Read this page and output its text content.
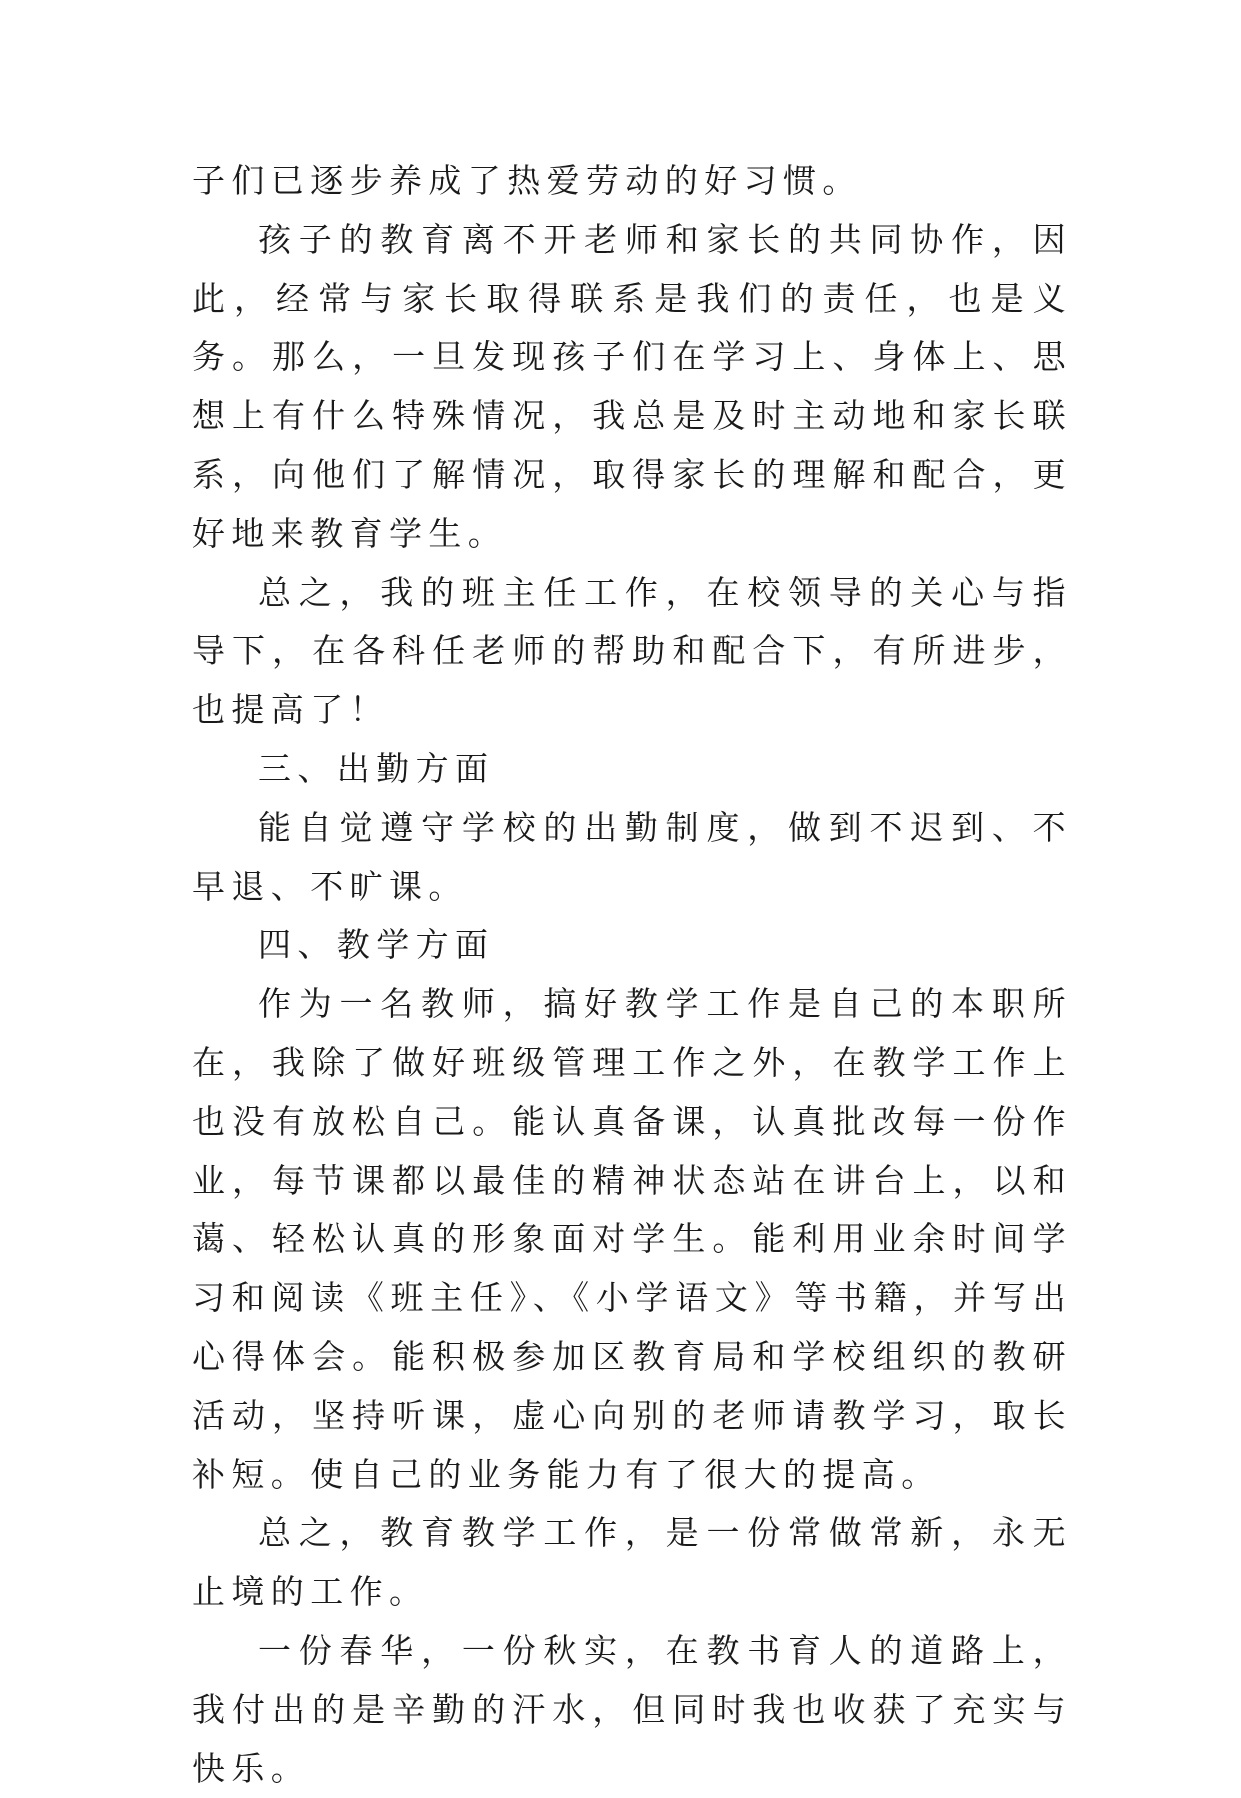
子们已逐步养成了热爱劳动的好习惯。

孩子的教育离不开老师和家长的共同协作，因此，经常与家长取得联系是我们的责任，也是义务。那么，一旦发现孩子们在学习上、身体上、思想上有什么特殊情况，我总是及时主动地和家长联系，向他们了解情况，取得家长的理解和配合，更好地来教育学生。

总之，我的班主任工作，在校领导的关心与指导下，在各科任老师的帮助和配合下，有所进步，也提高了！

三、出勤方面

能自觉遵守学校的出勤制度，做到不迟到、不早退、不旷课。

四、教学方面

作为一名教师，搞好教学工作是自己的本职所在，我除了做好班级管理工作之外，在教学工作上也没有放松自己。能认真备课，认真批改每一份作业，每节课都以最佳的精神状态站在讲台上，以和蔼、轻松认真的形象面对学生。能利用业余时间学习和阅读《班主任》、《小学语文》等书籍，并写出心得体会。能积极参加区教育局和学校组织的教研活动，坚持听课，虚心向别的老师请教学习，取长补短。使自己的业务能力有了很大的提高。

总之，教育教学工作，是一份常做常新，永无止境的工作。

一份春华，一份秋实，在教书育人的道路上，我付出的是辛勤的汗水，但同时我也收获了充实与快乐。
